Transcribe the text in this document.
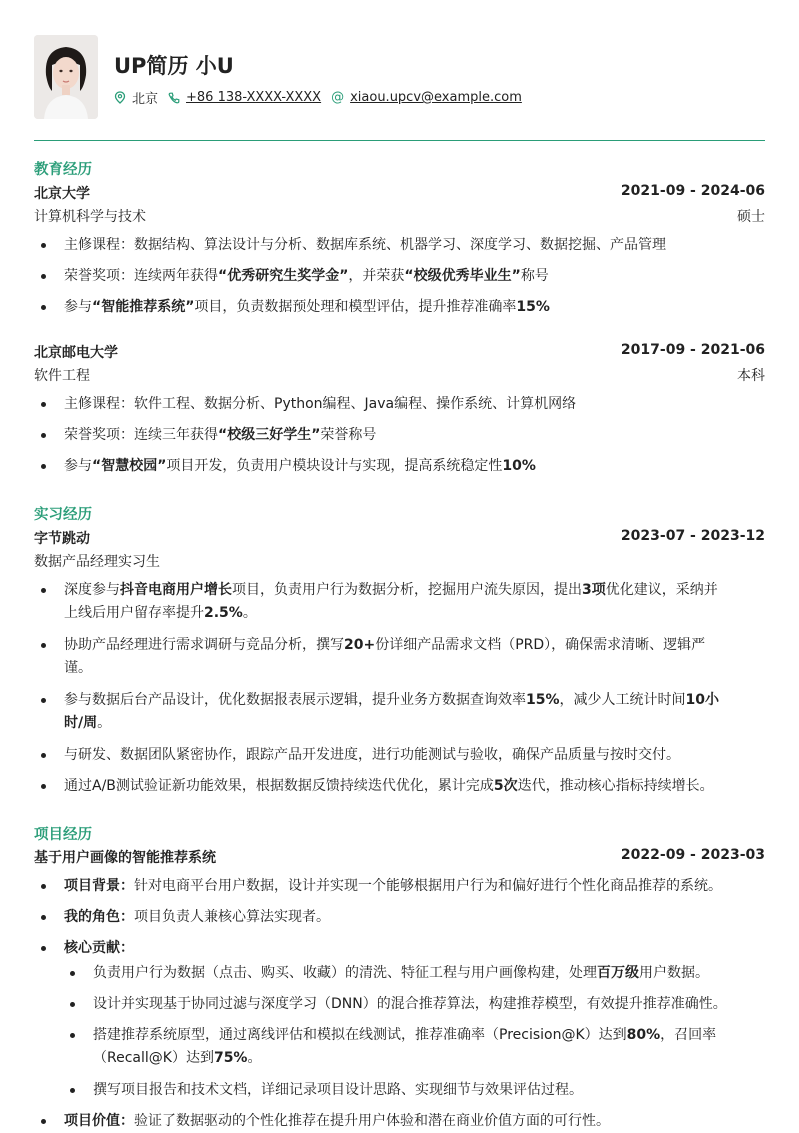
UP简历 小U
北京 +86 138-XXXX-XXXX @ xiaou.upcv@example.com
教育经历
北京大学	2021-09 - 2024-06
计算机科学与技术	硕士
主修课程：数据结构、算法设计与分析、数据库系统、机器学习、深度学习、数据挖掘、产品管理
荣誉奖项：连续两年获得“优秀研究生奖学金”，并荣获“校级优秀毕业生”称号
参与“智能推荐系统”项目，负责数据预处理和模型评估，提升推荐准确率15%
北京邮电大学	2017-09 - 2021-06
软件工程	本科
主修课程：软件工程、数据分析、Python编程、Java编程、操作系统、计算机网络
荣誉奖项：连续三年获得“校级三好学生”荣誉称号
参与“智慧校园”项目开发，负责用户模块设计与实现，提高系统稳定性10%
实习经历
字节跳动	2023-07 - 2023-12
数据产品经理实习生
深度参与抖音电商用户增长项目，负责用户行为数据分析，挖掘用户流失原因，提出3项优化建议，采纳并
上线后用户留存率提升2.5%。
协助产品经理进行需求调研与竞品分析，撰写20+份详细产品需求文档（PRD），确保需求清晰、逻辑严
谨。
参与数据后台产品设计，优化数据报表展示逻辑，提升业务方数据查询效率15%，减少人工统计时间10小
时/周。
与研发、数据团队紧密协作，跟踪产品开发进度，进行功能测试与验收，确保产品质量与按时交付。
通过A/B测试验证新功能效果，根据数据反馈持续迭代优化，累计完成5次迭代，推动核心指标持续增长。
项目经历
基于用户画像的智能推荐系统	2022-09 - 2023-03
项目背景：针对电商平台用户数据，设计并实现一个能够根据用户行为和偏好进行个性化商品推荐的系统。
我的角色：项目负责人兼核心算法实现者。
核心贡献：
负责用户行为数据（点击、购买、收藏）的清洗、特征工程与用户画像构建，处理百万级用户数据。
设计并实现基于协同过滤与深度学习（DNN）的混合推荐算法，构建推荐模型，有效提升推荐准确性。
搭建推荐系统原型，通过离线评估和模拟在线测试，推荐准确率（Precision@K）达到80%，召回率
（Recall@K）达到75%。
撰写项目报告和技术文档，详细记录项目设计思路、实现细节与效果评估过程。
项目价值：验证了数据驱动的个性化推荐在提升用户体验和潜在商业价值方面的可行性。
